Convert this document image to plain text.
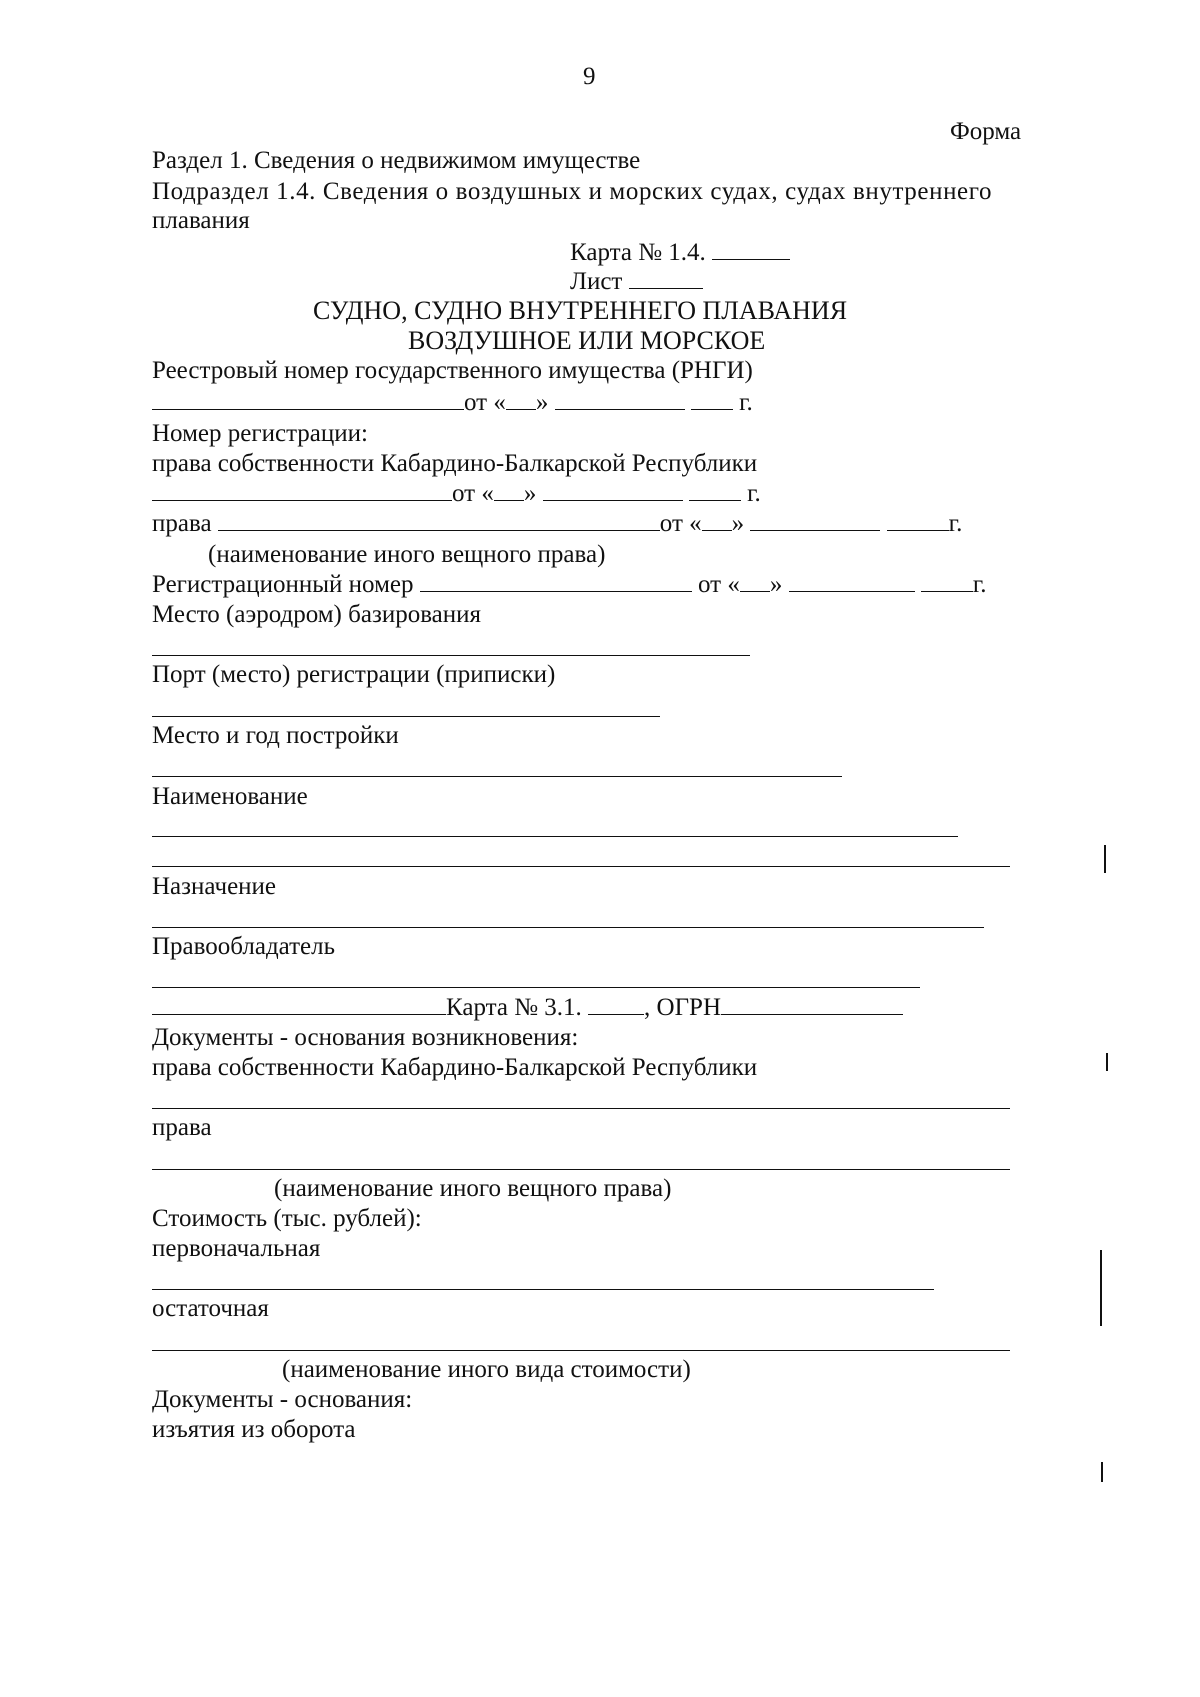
9
Форма
Раздел 1. Сведения о недвижимом имуществе
Подраздел 1.4. Сведения о воздушных и морских судах, судах внутреннего
плавания
Карта № 1.4.
Лист
СУДНО, СУДНО ВНУТРЕННЕГО ПЛАВАНИЯ
ВОЗДУШНОЕ ИЛИ МОРСКОЕ
Реестровый номер государственного имущества (РНГИ)
от « »	г.
Номер регистрации:
права собственности Кабардино-Балкарской Республики
от « »	г.
права	от « »	г.
(наименование иного вещного права)
Регистрационный номер	от « »	г.
Место (аэродром) базирования
Порт (место) регистрации (приписки)
Место и год постройки
Наименование
Назначение
Правообладатель
Карта № 3.1. , ОГРН
Документы - основания возникновения:
права собственности Кабардино-Балкарской Республики
права
(наименование иного вещного права)
Стоимость (тыс. рублей):
первоначальная
остаточная
(наименование иного вида стоимости)
Документы - основания:
изъятия из оборота
